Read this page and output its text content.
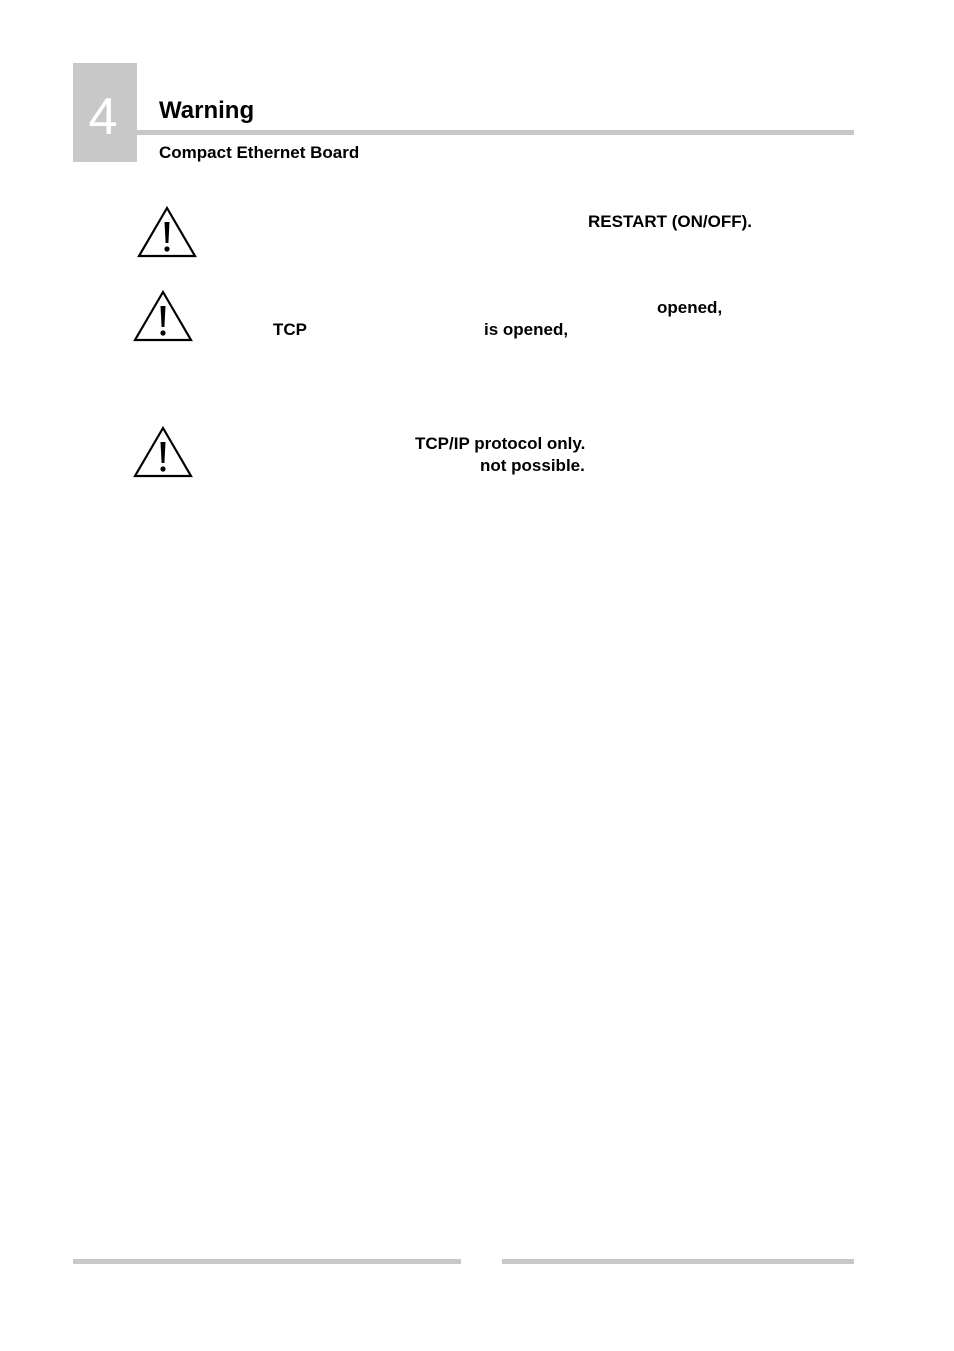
4	Warning
Compact Ethernet Board
RESTART (ON/OFF).
opened,
TCP	is opened,
TCP/IP protocol only.
not possible.
